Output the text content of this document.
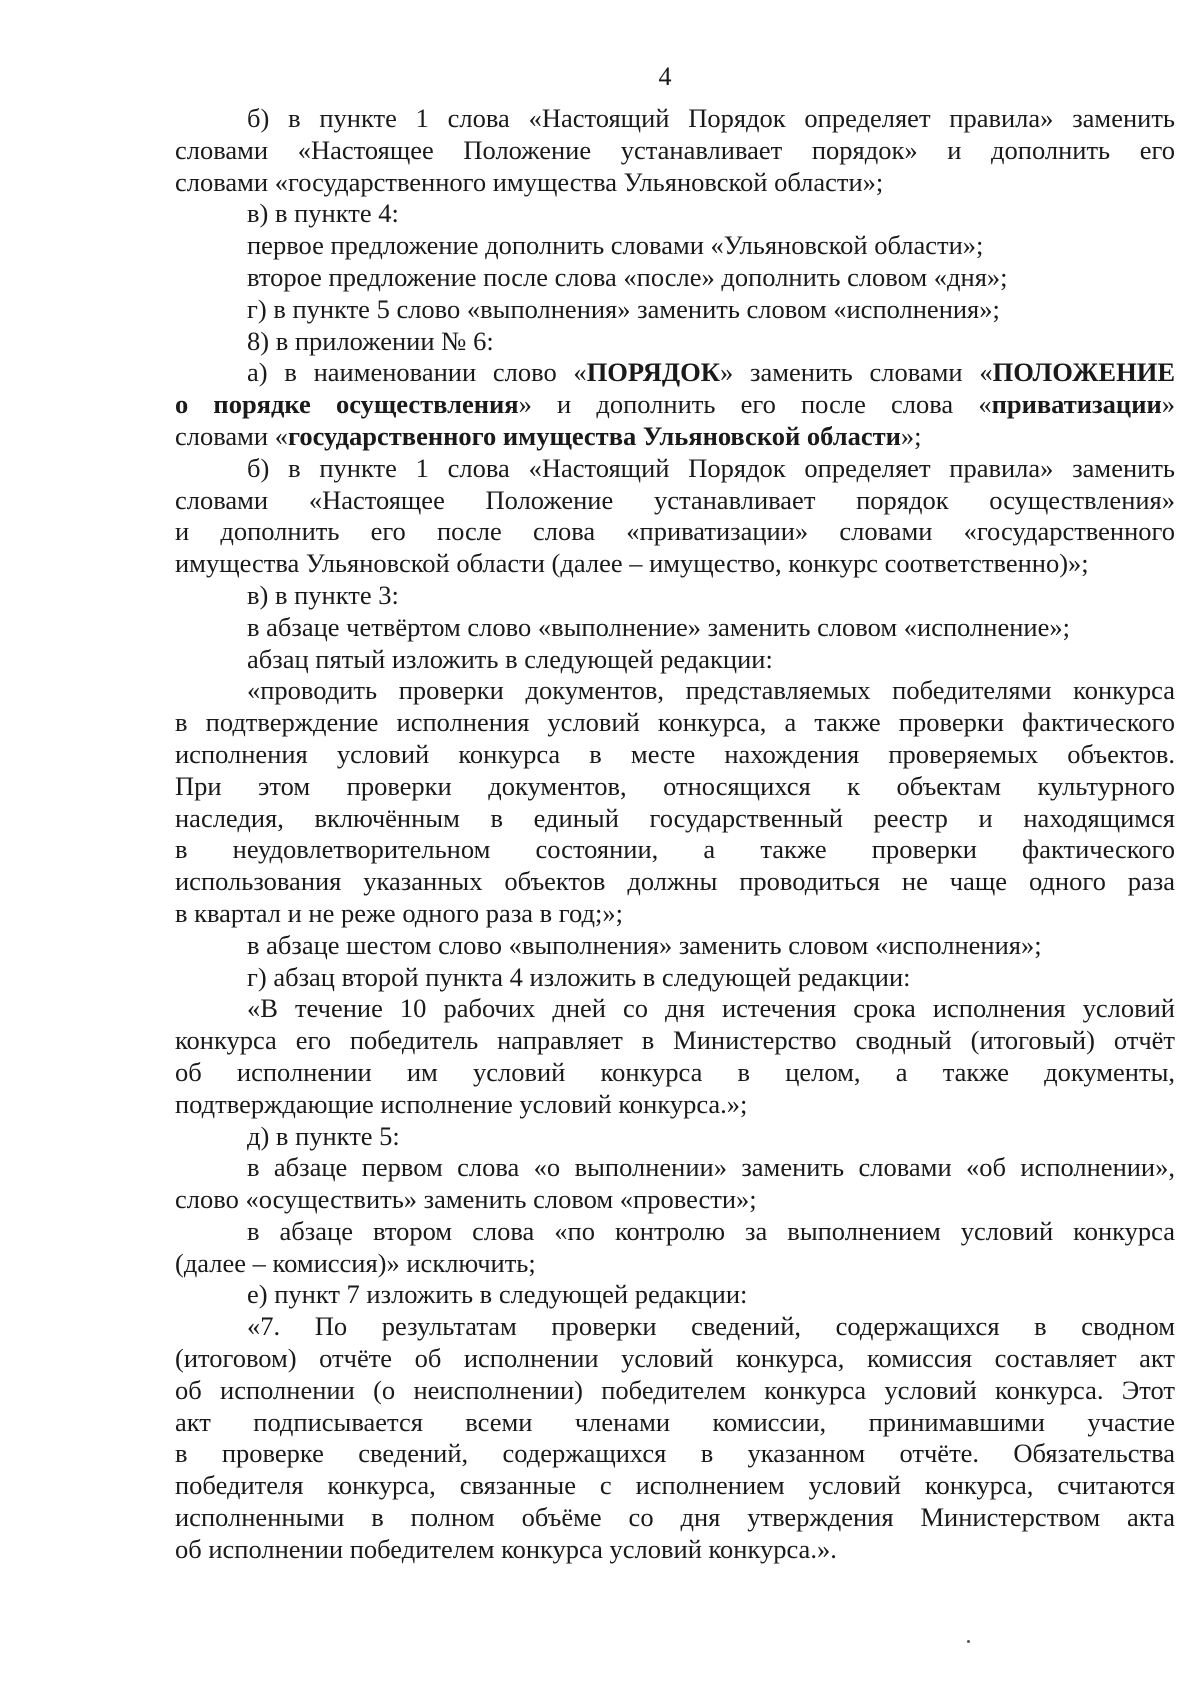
4
б) в пункте 1 слова «Настоящий Порядок определяет правила» заменить
словами «Настоящее Положение устанавливает порядок» и дополнить его
словами «государственного имущества Ульяновской области»;
в) в пункте 4:
первое предложение дополнить словами «Ульяновской области»;
второе предложение после слова «после» дополнить словом «дня»;
г) в пункте 5 слово «выполнения» заменить словом «исполнения»;
8) в приложении № 6:
а) в наименовании слово «ПОРЯДОК» заменить словами «ПОЛОЖЕНИЕ
о порядке осуществления» и дополнить его после слова «приватизации»
словами «государственного имущества Ульяновской области»;
б) в пункте 1 слова «Настоящий Порядок определяет правила» заменить
словами «Настоящее Положение устанавливает порядок осуществления»
и дополнить его после слова «приватизации» словами «государственного
имущества Ульяновской области (далее – имущество, конкурс соответственно)»;
в) в пункте 3:
в абзаце четвёртом слово «выполнение» заменить словом «исполнение»;
абзац пятый изложить в следующей редакции:
«проводить проверки документов, представляемых победителями конкурса
в подтверждение исполнения условий конкурса, а также проверки фактического
исполнения условий конкурса в месте нахождения проверяемых объектов.
При этом проверки документов, относящихся к объектам культурного
наследия, включённым в единый государственный реестр и находящимся
в неудовлетворительном состоянии, а также проверки фактического
использования указанных объектов должны проводиться не чаще одного раза
в квартал и не реже одного раза в год;»;
в абзаце шестом слово «выполнения» заменить словом «исполнения»;
г) абзац второй пункта 4 изложить в следующей редакции:
«В течение 10 рабочих дней со дня истечения срока исполнения условий
конкурса его победитель направляет в Министерство сводный (итоговый) отчёт
об исполнении им условий конкурса в целом, а также документы,
подтверждающие исполнение условий конкурса.»;
д) в пункте 5:
в абзаце первом слова «о выполнении» заменить словами «об исполнении»,
слово «осуществить» заменить словом «провести»;
в абзаце втором слова «по контролю за выполнением условий конкурса
(далее – комиссия)» исключить;
е) пункт 7 изложить в следующей редакции:
«7. По результатам проверки сведений, содержащихся в сводном
(итоговом) отчёте об исполнении условий конкурса, комиссия составляет акт
об исполнении (о неисполнении) победителем конкурса условий конкурса. Этот
акт подписывается всеми членами комиссии, принимавшими участие
в проверке сведений, содержащихся в указанном отчёте. Обязательства
победителя конкурса, связанные с исполнением условий конкурса, считаются
исполненными в полном объёме со дня утверждения Министерством акта
об исполнении победителем конкурса условий конкурса.».
